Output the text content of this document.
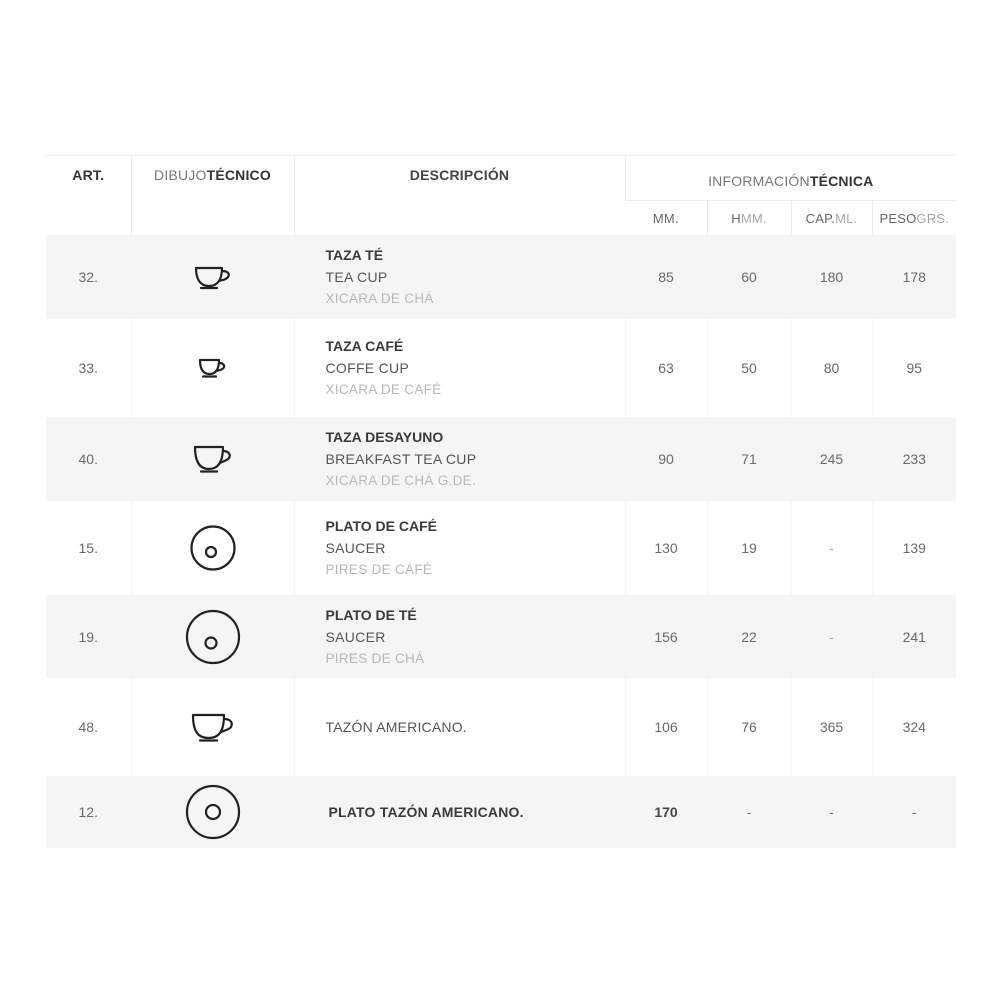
ART.	DIBUJOTÉCNICO	DESCRIPCIÓN	INFORMACIÓNTÉCNICA			
			MM.	HMM.	CAP.ML.	PESOGRS.
32.		TAZA TÉ
TEA CUP
XICARA DE CHÁ	85	60	180	178
33.		TAZA CAFÉ
COFFE CUP
XICARA DE CAFÉ	63	50	80	95
40.		TAZA DESAYUNO
BREAKFAST TEA CUP
XICARA DE CHÁ G.DE.	90	71	245	233
15.		PLATO DE CAFÉ
SAUCER
PIRES DE CAFÉ	130	19	-	139
19.		PLATO DE TÉ
SAUCER
PIRES DE CHÁ	156	22	-	241
48.		TAZÓN AMERICANO.	106	76	365	324
12.		PLATO TAZÓN AMERICANO.	170	-	-	-
